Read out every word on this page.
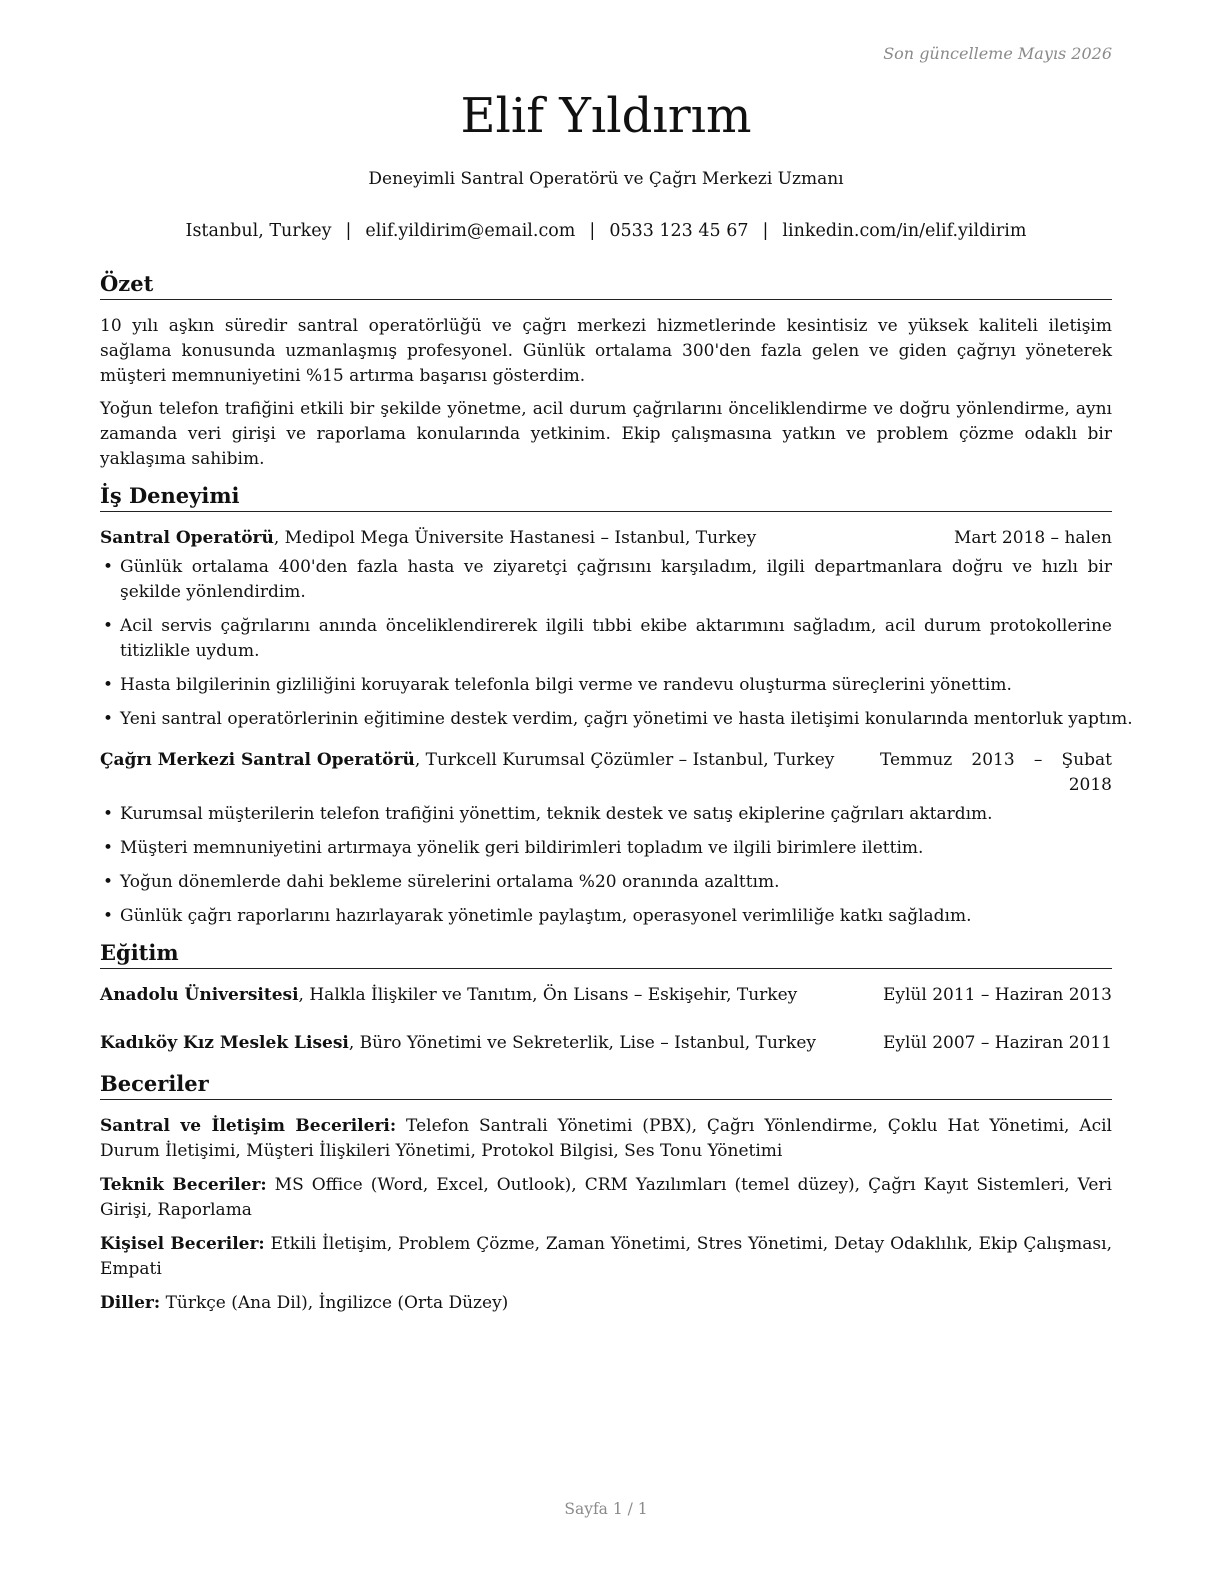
Son güncelleme Mayıs 2026
Elif Yıldırım
Deneyimli Santral Operatörü ve Çağrı Merkezi Uzmanı
Istanbul, Turkey | elif.yildirim@email.com | 0533 123 45 67 | linkedin.com/in/elif.yildirim
Özet

10 yılı aşkın süredir santral operatörlüğü ve çağrı merkezi hizmetlerinde kesintisiz ve yüksek kaliteli iletişim sağlama konusunda uzmanlaşmış profesyonel. Günlük ortalama 300'den fazla gelen ve giden çağrıyı yöneterek müşteri memnuniyetini %15 artırma başarısı gösterdim.

Yoğun telefon trafiğini etkili bir şekilde yönetme, acil durum çağrılarını önceliklendirme ve doğru yönlendirme, aynı zamanda veri girişi ve raporlama konularında yetkinim. Ekip çalışmasına yatkın ve problem çözme odaklı bir yaklaşıma sahibim.

İş Deneyimi
Santral Operatörü, Medipol Mega Üniversite Hastanesi – Istanbul, Turkey	Mart 2018 – halen
• Günlük ortalama 400'den fazla hasta ve ziyaretçi çağrısını karşıladım, ilgili departmanlara doğru ve hızlı bir şekilde yönlendirdim.
• Acil servis çağrılarını anında önceliklendirerek ilgili tıbbi ekibe aktarımını sağladım, acil durum protokollerine titizlikle uydum.
• Hasta bilgilerinin gizliliğini koruyarak telefonla bilgi verme ve randevu oluşturma süreçlerini yönettim.
• Yeni santral operatörlerinin eğitimine destek verdim, çağrı yönetimi ve hasta iletişimi konularında mentorluk yaptım.
Çağrı Merkezi Santral Operatörü, Turkcell Kurumsal Çözümler – Istanbul, Turkey	Temmuz 2013 – Şubat 2018
• Kurumsal müşterilerin telefon trafiğini yönettim, teknik destek ve satış ekiplerine çağrıları aktardım.
• Müşteri memnuniyetini artırmaya yönelik geri bildirimleri topladım ve ilgili birimlere ilettim.
• Yoğun dönemlerde dahi bekleme sürelerini ortalama %20 oranında azalttım.
• Günlük çağrı raporlarını hazırlayarak yönetimle paylaştım, operasyonel verimliliğe katkı sağladım.
Eğitim
Anadolu Üniversitesi, Halkla İlişkiler ve Tanıtım, Ön Lisans – Eskişehir, Turkey	Eylül 2011 – Haziran 2013
Kadıköy Kız Meslek Lisesi, Büro Yönetimi ve Sekreterlik, Lise – Istanbul, Turkey	Eylül 2007 – Haziran 2011
Beceriler

Santral ve İletişim Becerileri: Telefon Santrali Yönetimi (PBX), Çağrı Yönlendirme, Çoklu Hat Yönetimi, Acil Durum İletişimi, Müşteri İlişkileri Yönetimi, Protokol Bilgisi, Ses Tonu Yönetimi

Teknik Beceriler: MS Office (Word, Excel, Outlook), CRM Yazılımları (temel düzey), Çağrı Kayıt Sistemleri, Veri Girişi, Raporlama

Kişisel Beceriler: Etkili İletişim, Problem Çözme, Zaman Yönetimi, Stres Yönetimi, Detay Odaklılık, Ekip Çalışması, Empati

Diller: Türkçe (Ana Dil), İngilizce (Orta Düzey)

Sayfa 1 / 1
